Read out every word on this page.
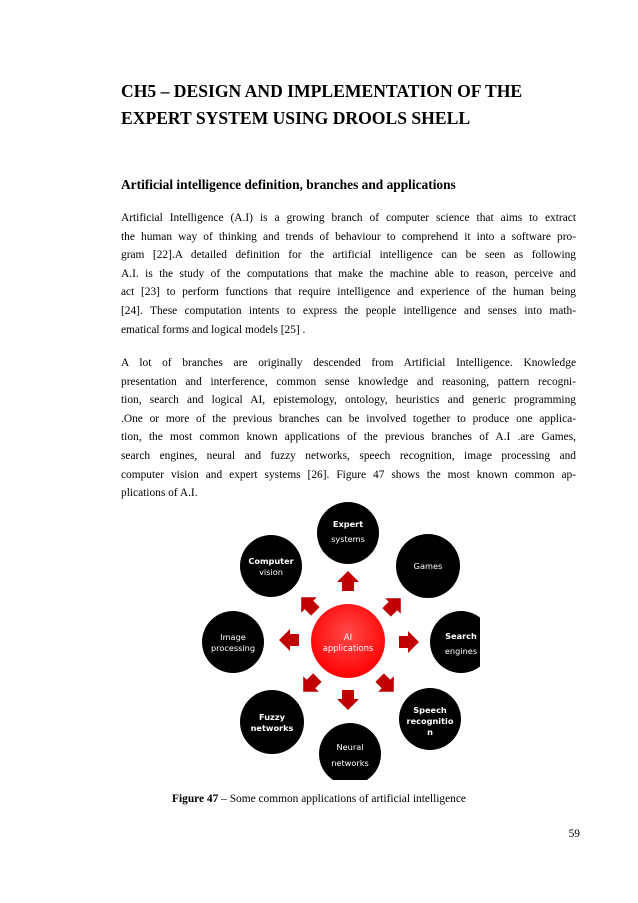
CH5 – DESIGN AND IMPLEMENTATION OF THE
EXPERT SYSTEM USING DROOLS SHELL
Artificial intelligence definition, branches and applications

Artificial Intelligence (A.I) is a growing branch of computer science that aims to extract
the human way of thinking and trends of behaviour to comprehend it into a software pro-
gram [22].A detailed definition for the artificial intelligence can be seen as following
A.I. is the study of the computations that make the machine able to reason, perceive and
act [23] to perform functions that require intelligence and experience of the human being
[24]. These computation intents to express the people intelligence and senses into math-
ematical forms and logical models [25] .

A lot of branches are originally descended from Artificial Intelligence. Knowledge
presentation and interference, common sense knowledge and reasoning, pattern recogni-
tion, search and logical AI, epistemology, ontology, heuristics and generic programming
.One or more of the previous branches can be involved together to produce one applica-
tion, the most common known applications of the previous branches of A.I .are Games,
search engines, neural and fuzzy networks, speech recognition, image processing and
computer vision and expert systems [26]. Figure 47 shows the most known common ap-
plications of A.I.

AI
applications
Expert
systems
Games
Search
engines
Speech
recognitio
n
Neural
networks
Fuzzy
networks
Image
processing
Computer
vision

Figure 47 – Some common applications of artificial intelligence

59
